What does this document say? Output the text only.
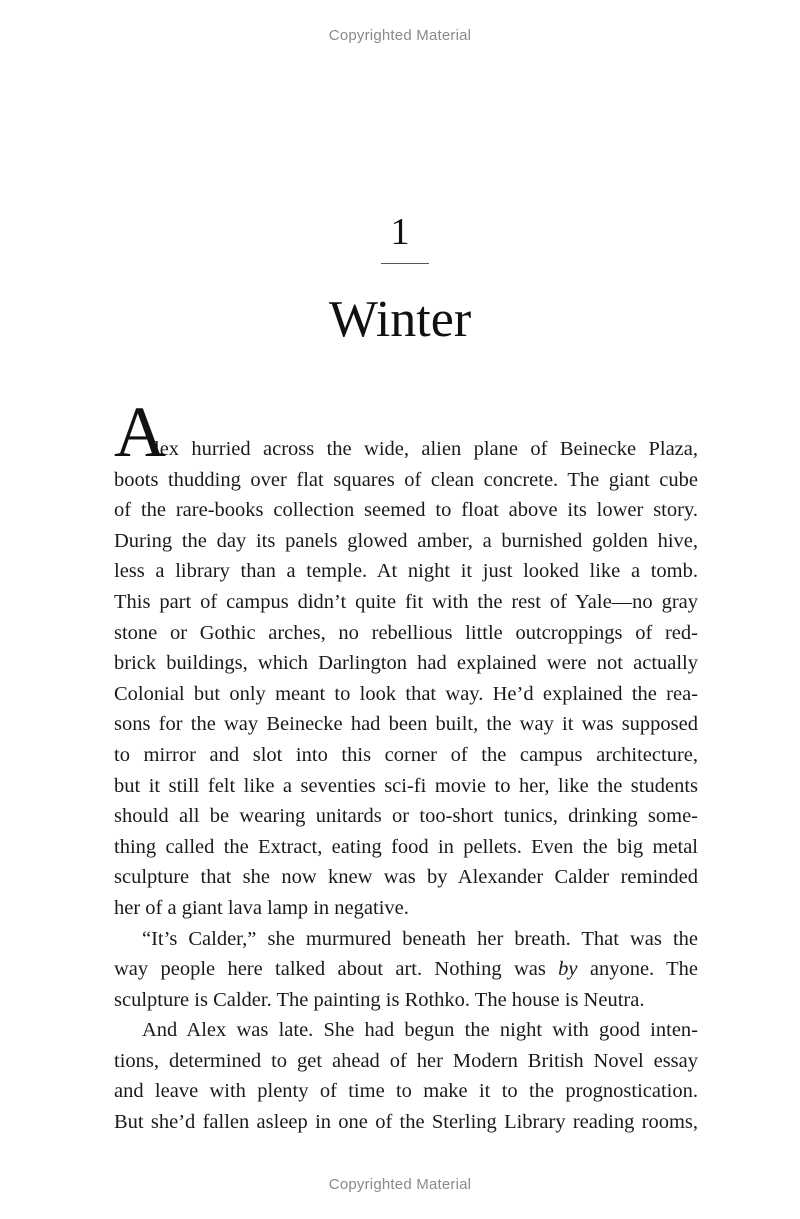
Copyrighted Material
1
Winter
A
lex hurried across the wide, alien plane of Beinecke Plaza,
boots thudding over flat squares of clean concrete. The giant cube
of the rare-books collection seemed to float above its lower story.
During the day its panels glowed amber, a burnished golden hive,
less a library than a temple. At night it just looked like a tomb.
This part of campus didn’t quite fit with the rest of Yale—no gray
stone or Gothic arches, no rebellious little outcroppings of red-
brick buildings, which Darlington had explained were not actually
Colonial but only meant to look that way. He’d explained the rea-
sons for the way Beinecke had been built, the way it was supposed
to mirror and slot into this corner of the campus architecture,
but it still felt like a seventies sci-fi movie to her, like the students
should all be wearing unitards or too-short tunics, drinking some-
thing called the Extract, eating food in pellets. Even the big metal
sculpture that she now knew was by Alexander Calder reminded
her of a giant lava lamp in negative.
“It’s Calder,” she murmured beneath her breath. That was the
way people here talked about art. Nothing was by anyone. The
sculpture is Calder. The painting is Rothko. The house is Neutra.
And Alex was late. She had begun the night with good inten-
tions, determined to get ahead of her Modern British Novel essay
and leave with plenty of time to make it to the prognostication.
But she’d fallen asleep in one of the Sterling Library reading rooms,
Copyrighted Material
